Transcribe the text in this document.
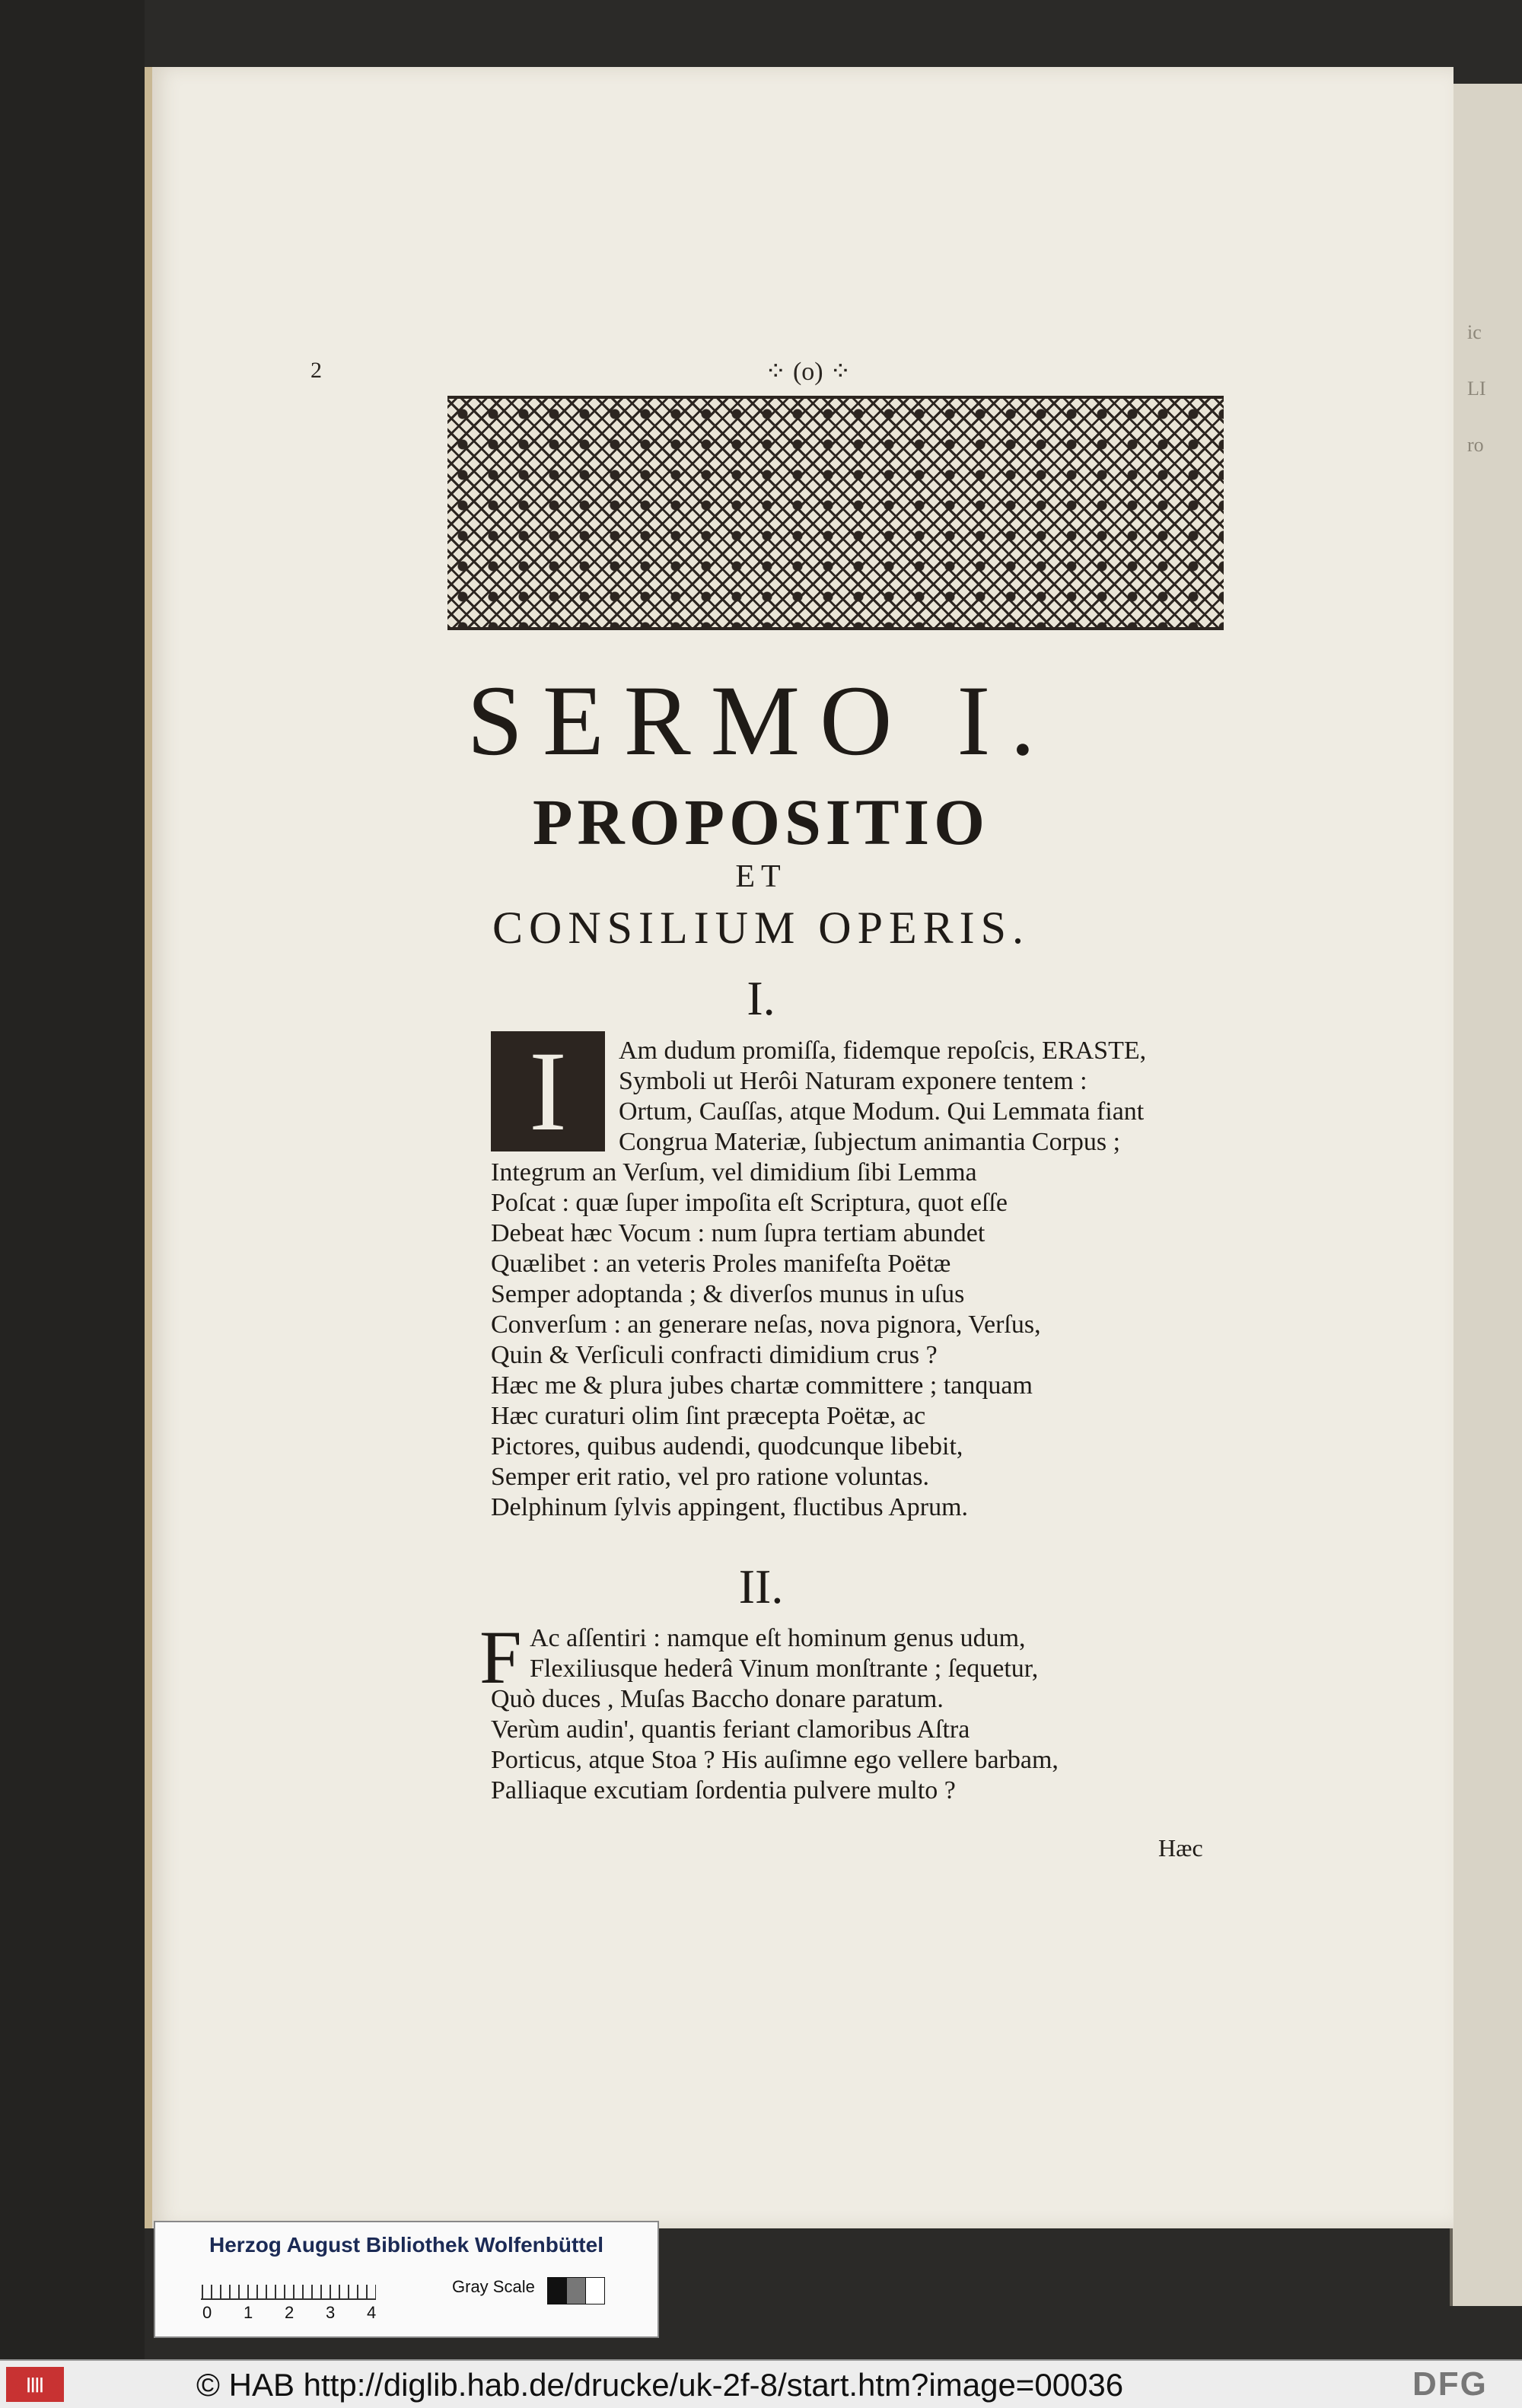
ic
LI
ro
2	⁘ (o) ⁘
SERMO I.
PROPOSITIO
ET
CONSILIUM OPERIS.
I.
I	Am dudum promiſſa, fidemque repoſcis, ERASTE,
Symboli ut Herôi Naturam exponere tentem :
Ortum, Cauſſas, atque Modum. Qui Lemmata fiant
Congrua Materiæ, ſubjectum animantia Corpus ;
Integrum an Verſum, vel dimidium ſibi Lemma
Poſcat : quæ ſuper impoſita eſt Scriptura, quot eſſe
Debeat hæc Vocum : num ſupra tertiam abundet
Quælibet : an veteris Proles manifeſta Poëtæ
Semper adoptanda ; & diverſos munus in uſus
Converſum : an generare neſas, nova pignora, Verſus,
Quin & Verſiculi confracti dimidium crus ?
Hæc me & plura jubes chartæ committere ; tanquam
Hæc curaturi olim ſint præcepta Poëtæ, ac
Pictores, quibus audendi, quodcunque libebit,
Semper erit ratio, vel pro ratione voluntas.
Delphinum ſylvis appingent, fluctibus Aprum.
II.
F Ac aſſentiri : namque eſt hominum genus udum,
Flexiliusque hederâ Vinum monſtrante ; ſequetur,
Quò duces , Muſas Baccho donare paratum.
Verùm audin', quantis feriant clamoribus Aſtra
Porticus, atque Stoa ? His auſimne ego vellere barbam,
Palliaque excutiam ſordentia pulvere multo ?
Hæc
Herzog August Bibliothek Wolfenbüttel
0 1 2 3 4
Gray Scale
||||	© HAB http://diglib.hab.de/drucke/uk-2f-8/start.htm?image=00036	DFG
